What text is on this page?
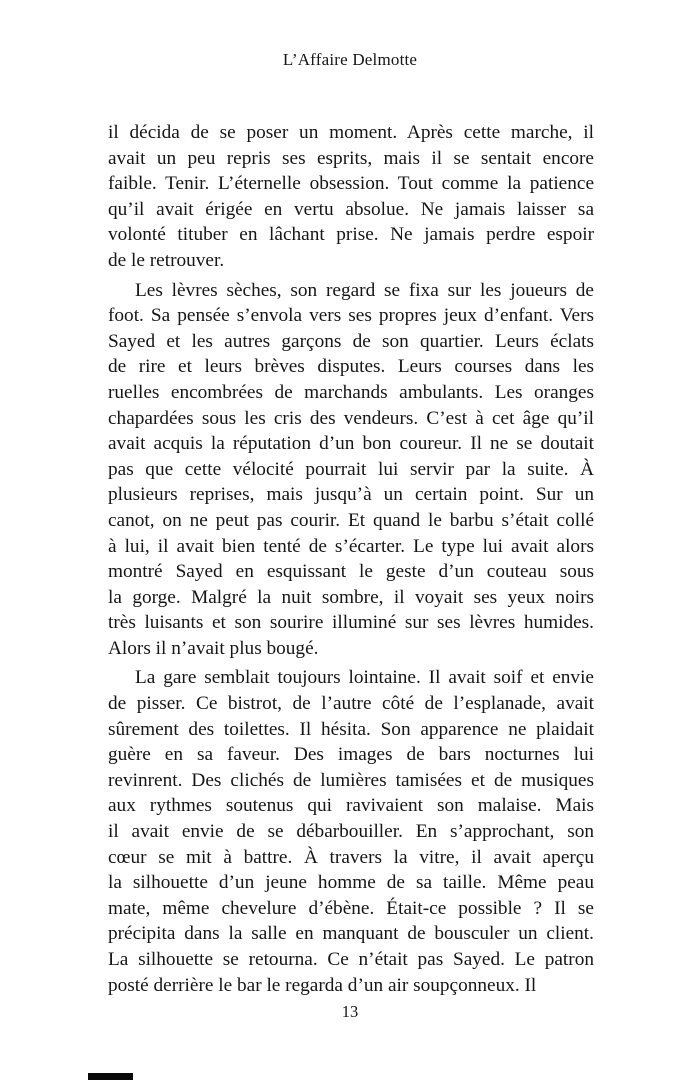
L’Affaire Delmotte
il décida de se poser un moment. Après cette marche, il
avait un peu repris ses esprits, mais il se sentait encore
faible. Tenir. L’éternelle obsession. Tout comme la patience
qu’il avait érigée en vertu absolue. Ne jamais laisser sa
volonté tituber en lâchant prise. Ne jamais perdre espoir
de le retrouver.
Les lèvres sèches, son regard se fixa sur les joueurs de
foot. Sa pensée s’envola vers ses propres jeux d’enfant. Vers
Sayed et les autres garçons de son quartier. Leurs éclats
de rire et leurs brèves disputes. Leurs courses dans les
ruelles encombrées de marchands ambulants. Les oranges
chapardées sous les cris des vendeurs. C’est à cet âge qu’il
avait acquis la réputation d’un bon coureur. Il ne se doutait
pas que cette vélocité pourrait lui servir par la suite. À
plusieurs reprises, mais jusqu’à un certain point. Sur un
canot, on ne peut pas courir. Et quand le barbu s’était collé
à lui, il avait bien tenté de s’écarter. Le type lui avait alors
montré Sayed en esquissant le geste d’un couteau sous
la gorge. Malgré la nuit sombre, il voyait ses yeux noirs
très luisants et son sourire illuminé sur ses lèvres humides.
Alors il n’avait plus bougé.
La gare semblait toujours lointaine. Il avait soif et envie
de pisser. Ce bistrot, de l’autre côté de l’esplanade, avait
sûrement des toilettes. Il hésita. Son apparence ne plaidait
guère en sa faveur. Des images de bars nocturnes lui
revinrent. Des clichés de lumières tamisées et de musiques
aux rythmes soutenus qui ravivaient son malaise. Mais
il avait envie de se débarbouiller. En s’approchant, son
cœur se mit à battre. À travers la vitre, il avait aperçu
la silhouette d’un jeune homme de sa taille. Même peau
mate, même chevelure d’ébène. Était-ce possible ? Il se
précipita dans la salle en manquant de bousculer un client.
La silhouette se retourna. Ce n’était pas Sayed. Le patron
posté derrière le bar le regarda d’un air soupçonneux. Il
13
